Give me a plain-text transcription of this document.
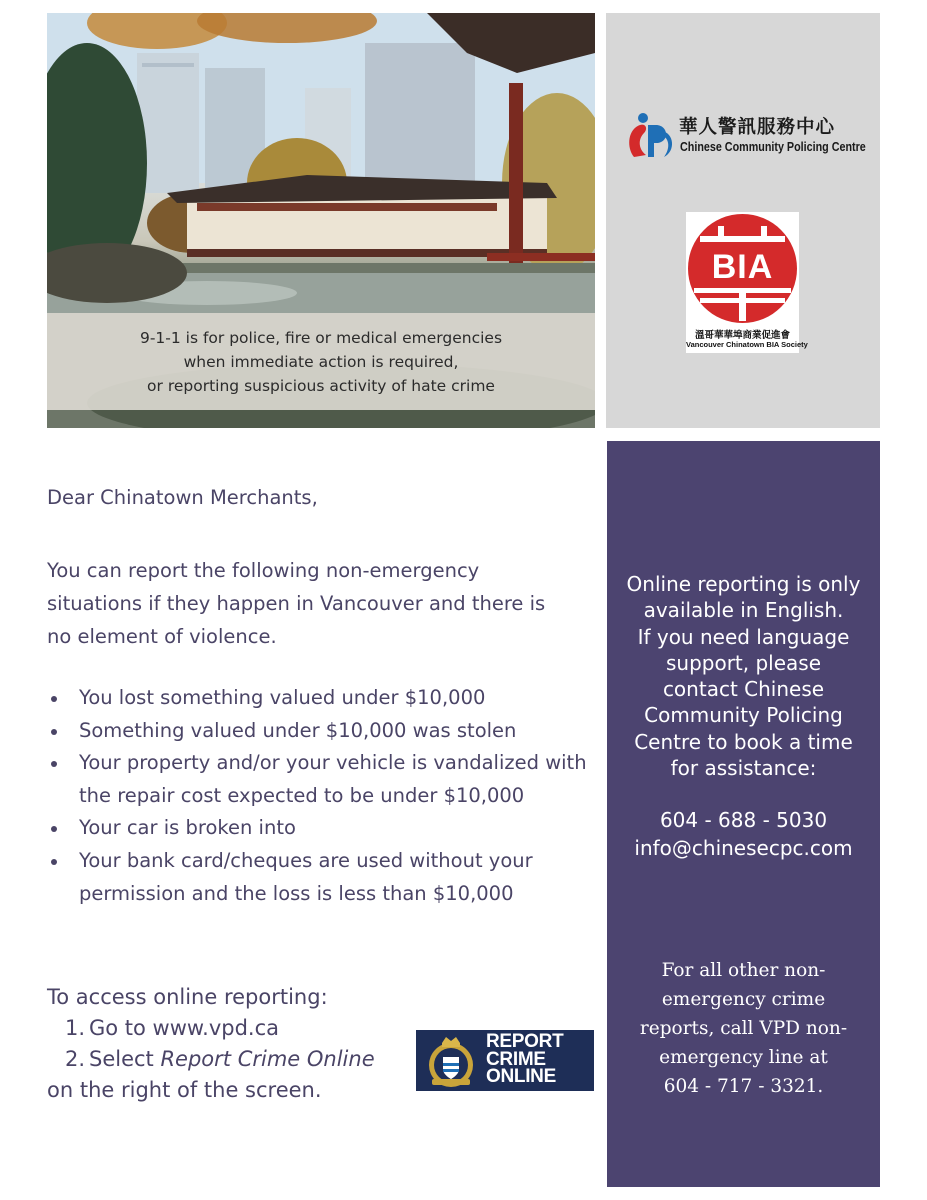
9-1-1 is for police, fire or medical emergencies
when immediate action is required,
or reporting suspicious activity of hate crime
華人警訊服務中心
Chinese Community Policing Centre
BIA
溫哥華華埠商業促進會
Vancouver Chinatown BIA Society
Dear Chinatown Merchants,
You can report the following non-emergency
situations if they happen in Vancouver and there is
no element of violence.
You lost something valued under $10,000
Something valued under $10,000 was stolen
Your property and/or your vehicle is vandalized with the repair cost expected to be under $10,000
Your car is broken into
Your bank card/cheques are used without your permission and the loss is less than $10,000
To access online reporting:
1. Go to www.vpd.ca
2. Select Report Crime Online
on the right of the screen.
REPORT
CRIME
ONLINE
Online reporting is only
available in English.
If you need language
support, please
contact Chinese
Community Policing
Centre to book a time
for assistance:
604 - 688 - 5030
info@chinesecpc.com
For all other non-
emergency crime
reports, call VPD non-
emergency line at
604 - 717 - 3321.
